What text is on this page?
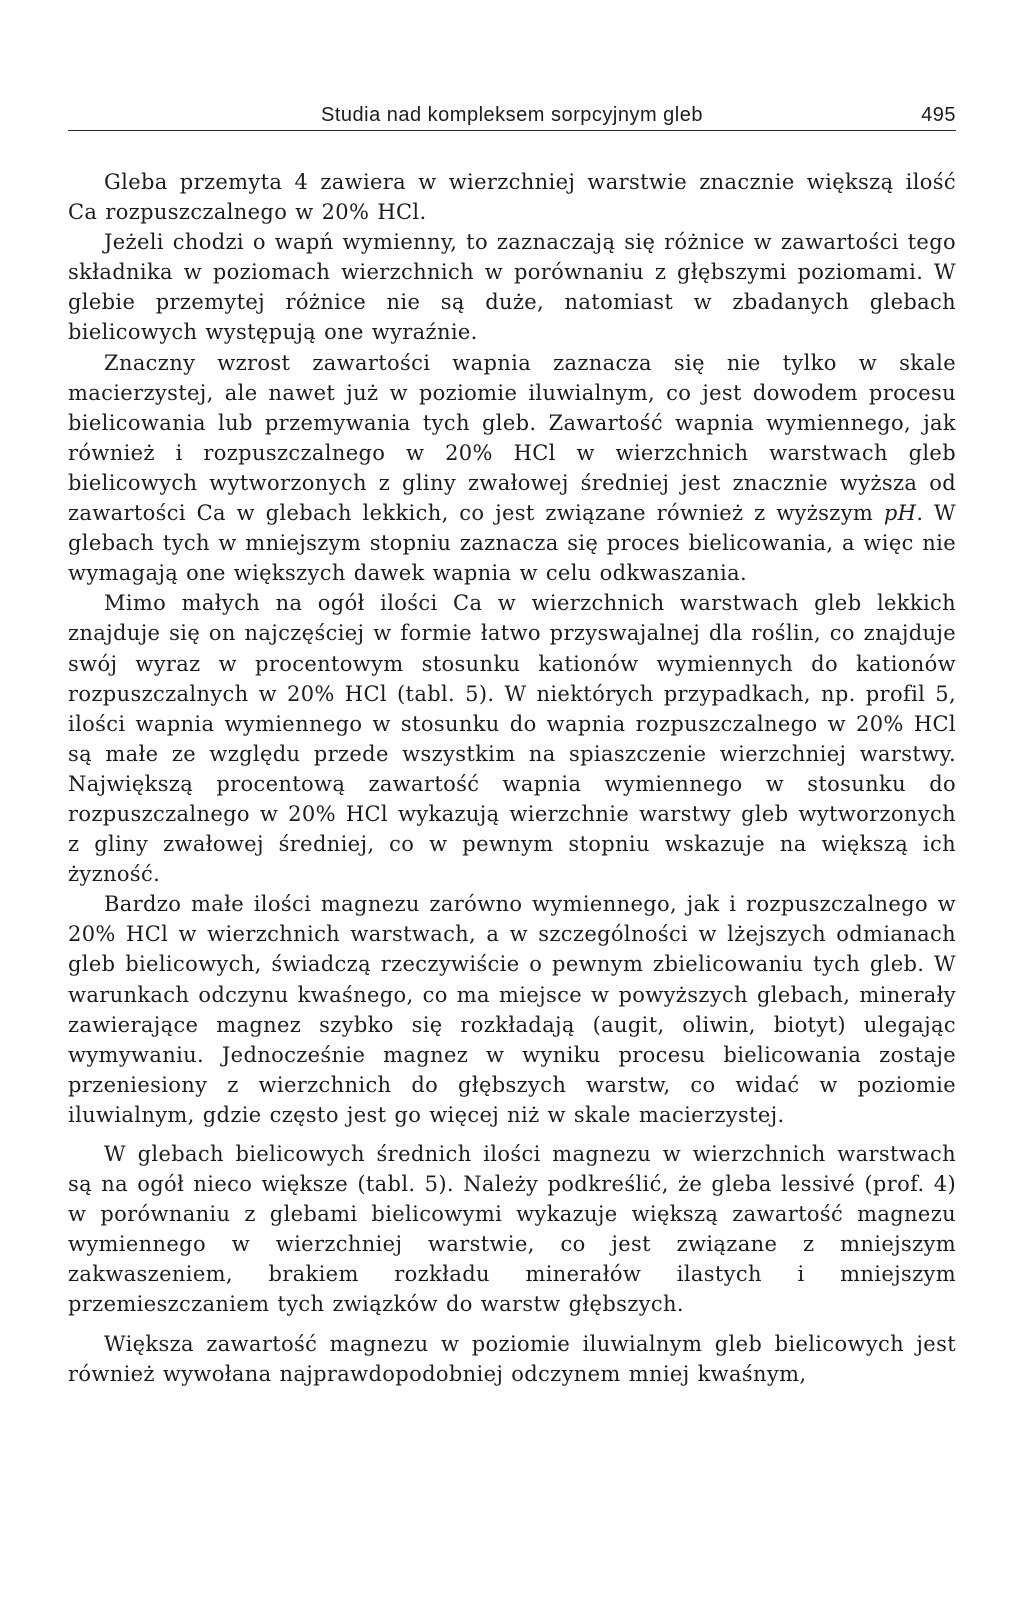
Studia nad kompleksem sorpcyjnym gleb	495

Gleba przemyta 4 zawiera w wierzchniej warstwie znacznie większą ilość Ca rozpuszczalnego w 20% HCl.

Jeżeli chodzi o wapń wymienny, to zaznaczają się różnice w zawartości tego składnika w poziomach wierzchnich w porównaniu z głębszymi poziomami. W glebie przemytej różnice nie są duże, natomiast w zbadanych glebach bielicowych występują one wyraźnie.

Znaczny wzrost zawartości wapnia zaznacza się nie tylko w skale macierzystej, ale nawet już w poziomie iluwialnym, co jest dowodem procesu bielicowania lub przemywania tych gleb. Zawartość wapnia wymiennego, jak również i rozpuszczalnego w 20% HCl w wierzchnich warstwach gleb bielicowych wytworzonych z gliny zwałowej średniej jest znacznie wyższa od zawartości Ca w glebach lekkich, co jest związane również z wyższym pH. W glebach tych w mniejszym stopniu zaznacza się proces bielicowania, a więc nie wymagają one większych dawek wapnia w celu odkwaszania.

Mimo małych na ogół ilości Ca w wierzchnich warstwach gleb lekkich znajduje się on najczęściej w formie łatwo przyswajalnej dla roślin, co znajduje swój wyraz w procentowym stosunku kationów wymiennych do kationów rozpuszczalnych w 20% HCl (tabl. 5). W niektórych przypadkach, np. profil 5, ilości wapnia wymiennego w stosunku do wapnia rozpuszczalnego w 20% HCl są małe ze względu przede wszystkim na spiaszczenie wierzchniej warstwy. Największą procentową zawartość wapnia wymiennego w stosunku do rozpuszczalnego w 20% HCl wykazują wierzchnie warstwy gleb wytworzonych z gliny zwałowej średniej, co w pewnym stopniu wskazuje na większą ich żyzność.

Bardzo małe ilości magnezu zarówno wymiennego, jak i rozpuszczalnego w 20% HCl w wierzchnich warstwach, a w szczególności w lżejszych odmianach gleb bielicowych, świadczą rzeczywiście o pewnym zbielicowaniu tych gleb. W warunkach odczynu kwaśnego, co ma miejsce w powyższych glebach, minerały zawierające magnez szybko się rozkładają (augit, oliwin, biotyt) ulegając wymywaniu. Jednocześnie magnez w wyniku procesu bielicowania zostaje przeniesiony z wierzchnich do głębszych warstw, co widać w poziomie iluwialnym, gdzie często jest go więcej niż w skale macierzystej.

W glebach bielicowych średnich ilości magnezu w wierzchnich warstwach są na ogół nieco większe (tabl. 5). Należy podkreślić, że gleba lessivé (prof. 4) w porównaniu z glebami bielicowymi wykazuje większą zawartość magnezu wymiennego w wierzchniej warstwie, co jest związane z mniejszym zakwaszeniem, brakiem rozkładu minerałów ilastych i mniejszym przemieszczaniem tych związków do warstw głębszych.

Większa zawartość magnezu w poziomie iluwialnym gleb bielicowych jest również wywołana najprawdopodobniej odczynem mniej kwaśnym,
